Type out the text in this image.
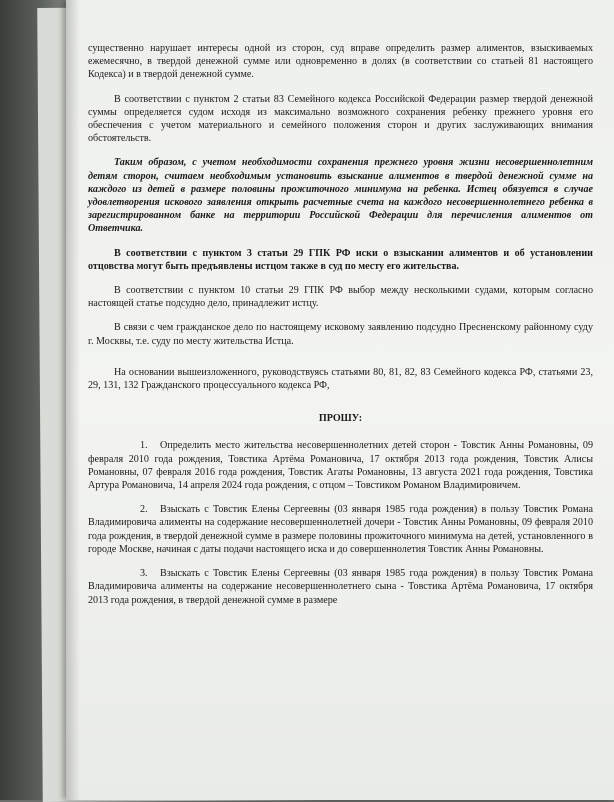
существенно нарушает интересы одной из сторон, суд вправе определить размер алиментов, взыскиваемых ежемесячно, в твердой денежной сумме или одновременно в долях (в соответствии со статьей 81 настоящего Кодекса) и в твердой денежной сумме.

В соответствии с пунктом 2 статьи 83 Семейного кодекса Российской Федерации размер твердой денежной суммы определяется судом исходя из максимально возможного сохранения ребенку прежнего уровня его обеспечения с учетом материального и семейного положения сторон и других заслуживающих внимания обстоятельств.

Таким образом, с учетом необходимости сохранения прежнего уровня жизни несовершеннолетним детям сторон, считаем необходимым установить взыскание алиментов в твердой денежной сумме на каждого из детей в размере половины прожиточного минимума на ребенка. Истец обязуется в случае удовлетворения искового заявления открыть расчетные счета на каждого несовершеннолетнего ребенка в зарегистрированном банке на территории Российской Федерации для перечисления алиментов от Ответчика.

В соответствии с пунктом 3 статьи 29 ГПК РФ иски о взыскании алиментов и об установлении отцовства могут быть предъявлены истцом также в суд по месту его жительства.

В соответствии с пунктом 10 статьи 29 ГПК РФ выбор между несколькими судами, которым согласно настоящей статье подсудно дело, принадлежит истцу.

В связи с чем гражданское дело по настоящему исковому заявлению подсудно Пресненскому районному суду г. Москвы, т.е. суду по месту жительства Истца.

На основании вышеизложенного, руководствуясь статьями 80, 81, 82, 83 Семейного кодекса РФ, статьями 23, 29, 131, 132 Гражданского процессуального кодекса РФ,

ПРОШУ:

1. Определить место жительства несовершеннолетних детей сторон - Товстик Анны Романовны, 09 февраля 2010 года рождения, Товстика Артёма Романовича, 17 октября 2013 года рождения, Товстик Алисы Романовны, 07 февраля 2016 года рождения, Товстик Агаты Романовны, 13 августа 2021 года рождения, Товстика Артура Романовича, 14 апреля 2024 года рождения, с отцом – Товстиком Романом Владимировичем.

2. Взыскать с Товстик Елены Сергеевны (03 января 1985 года рождения) в пользу Товстик Романа Владимировича алименты на содержание несовершеннолетней дочери - Товстик Анны Романовны, 09 февраля 2010 года рождения, в твердой денежной сумме в размере половины прожиточного минимума на детей, установленного в городе Москве, начиная с даты подачи настоящего иска и до совершеннолетия Товстик Анны Романовны.

3. Взыскать с Товстик Елены Сергеевны (03 января 1985 года рождения) в пользу Товстик Романа Владимировича алименты на содержание несовершеннолетнего сына - Товстика Артёма Романовича, 17 октября 2013 года рождения, в твердой денежной сумме в размере
